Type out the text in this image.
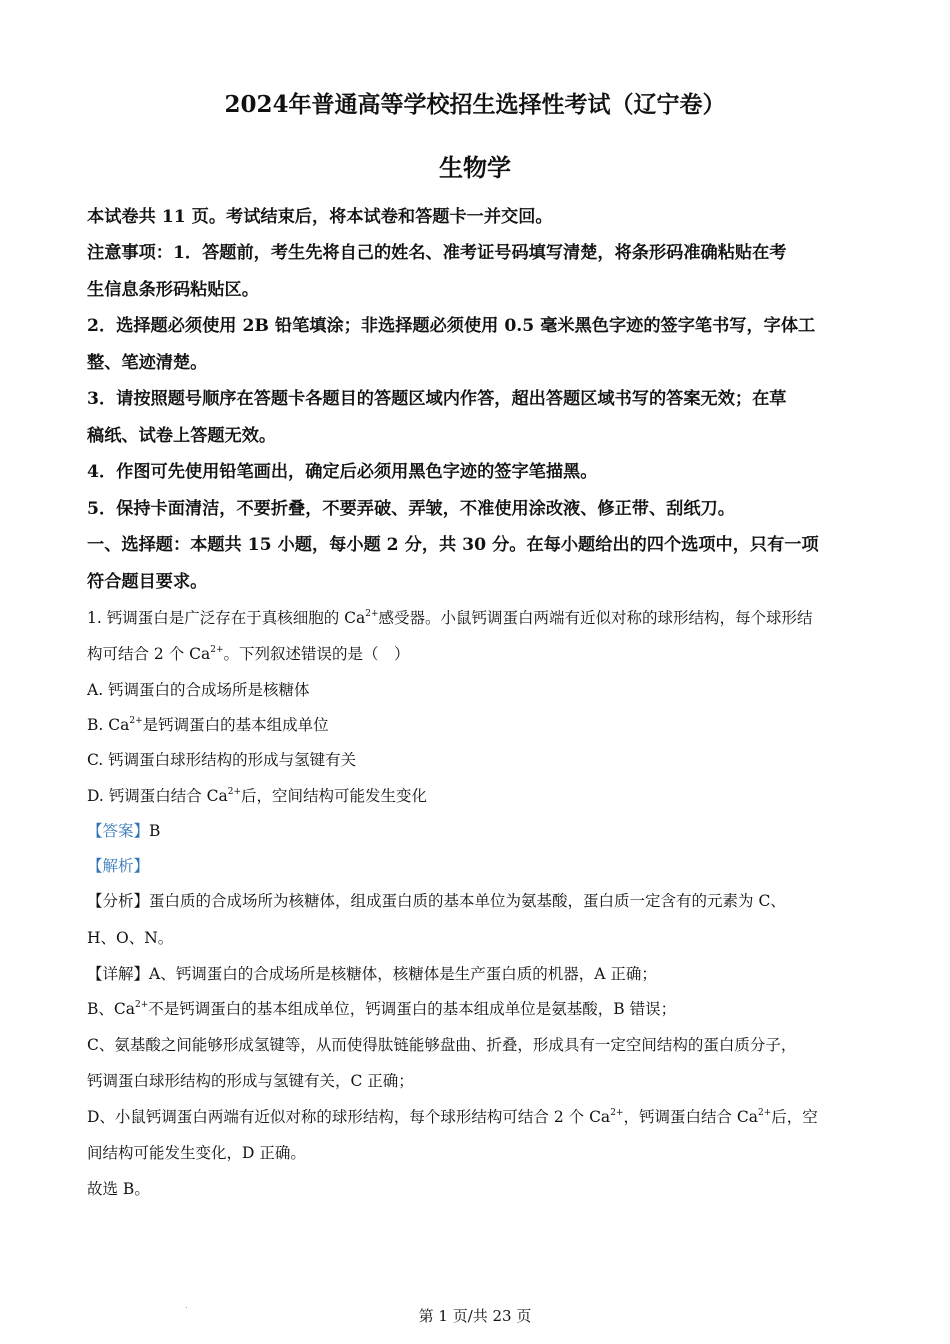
2024年普通高等学校招生选择性考试（辽宁卷）
生物学
本试卷共 11 页。考试结束后，将本试卷和答题卡一并交回。
注意事项：1．答题前，考生先将自己的姓名、准考证号码填写清楚，将条形码准确粘贴在考
生信息条形码粘贴区。
2．选择题必须使用 2B 铅笔填涂；非选择题必须使用 0.5 毫米黑色字迹的签字笔书写，字体工
整、笔迹清楚。
3．请按照题号顺序在答题卡各题目的答题区域内作答，超出答题区域书写的答案无效；在草
稿纸、试卷上答题无效。
4．作图可先使用铅笔画出，确定后必须用黑色字迹的签字笔描黑。
5．保持卡面清洁，不要折叠，不要弄破、弄皱，不准使用涂改液、修正带、刮纸刀。
一、选择题：本题共 15 小题，每小题 2 分，共 30 分。在每小题给出的四个选项中，只有一项
符合题目要求。
1. 钙调蛋白是广泛存在于真核细胞的 $Ca^{2+}$感受器。小鼠钙调蛋白两端有近似对称的球形结构，每个球形结
构可结合 2 个 $Ca^{2+}$。下列叙述错误的是（　）
A. 钙调蛋白的合成场所是核糖体
B. $Ca^{2+}$是钙调蛋白的基本组成单位
C. 钙调蛋白球形结构的形成与氢键有关
D. 钙调蛋白结合 $Ca^{2+}$后，空间结构可能发生变化
【答案】B
【解析】
【分析】蛋白质的合成场所为核糖体，组成蛋白质的基本单位为氨基酸，蛋白质一定含有的元素为 C、
H、O、N。
【详解】A、钙调蛋白的合成场所是核糖体，核糖体是生产蛋白质的机器，A 正确；
B、$Ca^{2+}$不是钙调蛋白的基本组成单位，钙调蛋白的基本组成单位是氨基酸，B 错误；
C、氨基酸之间能够形成氢键等，从而使得肽链能够盘曲、折叠，形成具有一定空间结构的蛋白质分子，
钙调蛋白球形结构的形成与氢键有关，C 正确；
D、小鼠钙调蛋白两端有近似对称的球形结构，每个球形结构可结合 2 个 $Ca^{2+}$，钙调蛋白结合 $Ca^{2+}$后，空
间结构可能发生变化，D 正确。
故选 B。
第 1 页/共 23 页
